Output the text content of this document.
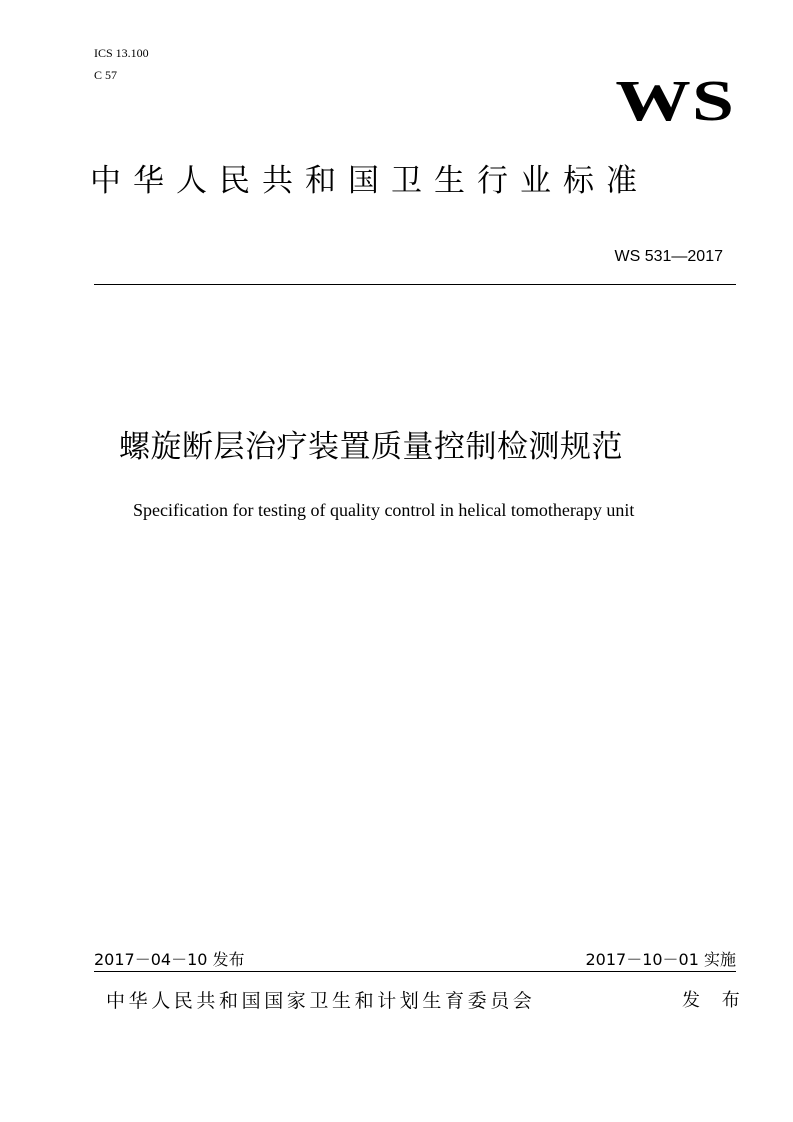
ICS 13.100
C 57	WS
中华人民共和国卫生行业标准
WS 531—2017
螺旋断层治疗装置质量控制检测规范
Specification for testing of quality control in helical tomotherapy unit
2017－04－10 发布	2017－10－01 实施
中华人民共和国国家卫生和计划生育委员会	发 布
